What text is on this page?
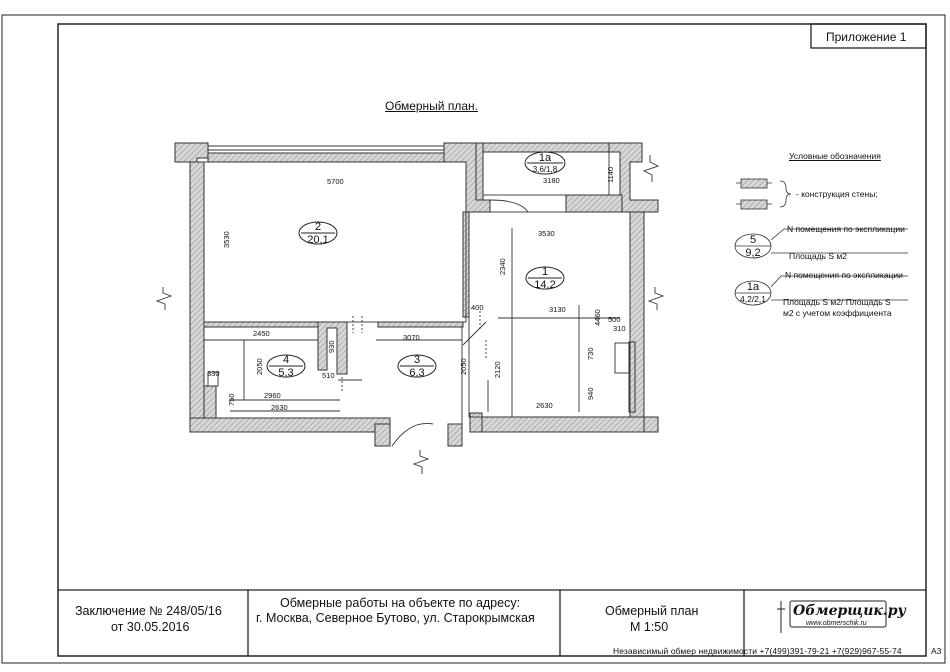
Приложение 1
Обмерный план.
2
20,1
1
14,2
1а
3,6/1,8
4
5,3
3
6,3
5700
3530
3180	1140
3530
2340
3130
400
4460 500
310
730
940
2630
2450
930
3070
2050
510
2050	2120
330
750	2960
2630
5
9,2
1а
4,2/2,1
Условные обозначения
- конструкция стены;
N помещения по экспликации
Площадь S м2
N помещения по экспликации
Площадь S м2/ Площадь S
м2 с учетом коэффициента
Заключение № 248/05/16
от 30.05.2016
Обмерные работы на объекте по адресу:
г. Москва, Северное Бутово, ул. Старокрымская	Обмерный план
М 1:50
Обмерщик.ру
www.obmerschik.ru
Независимый обмер недвижимости +7(499)391-79-21 +7(929)967-55-74	А3
